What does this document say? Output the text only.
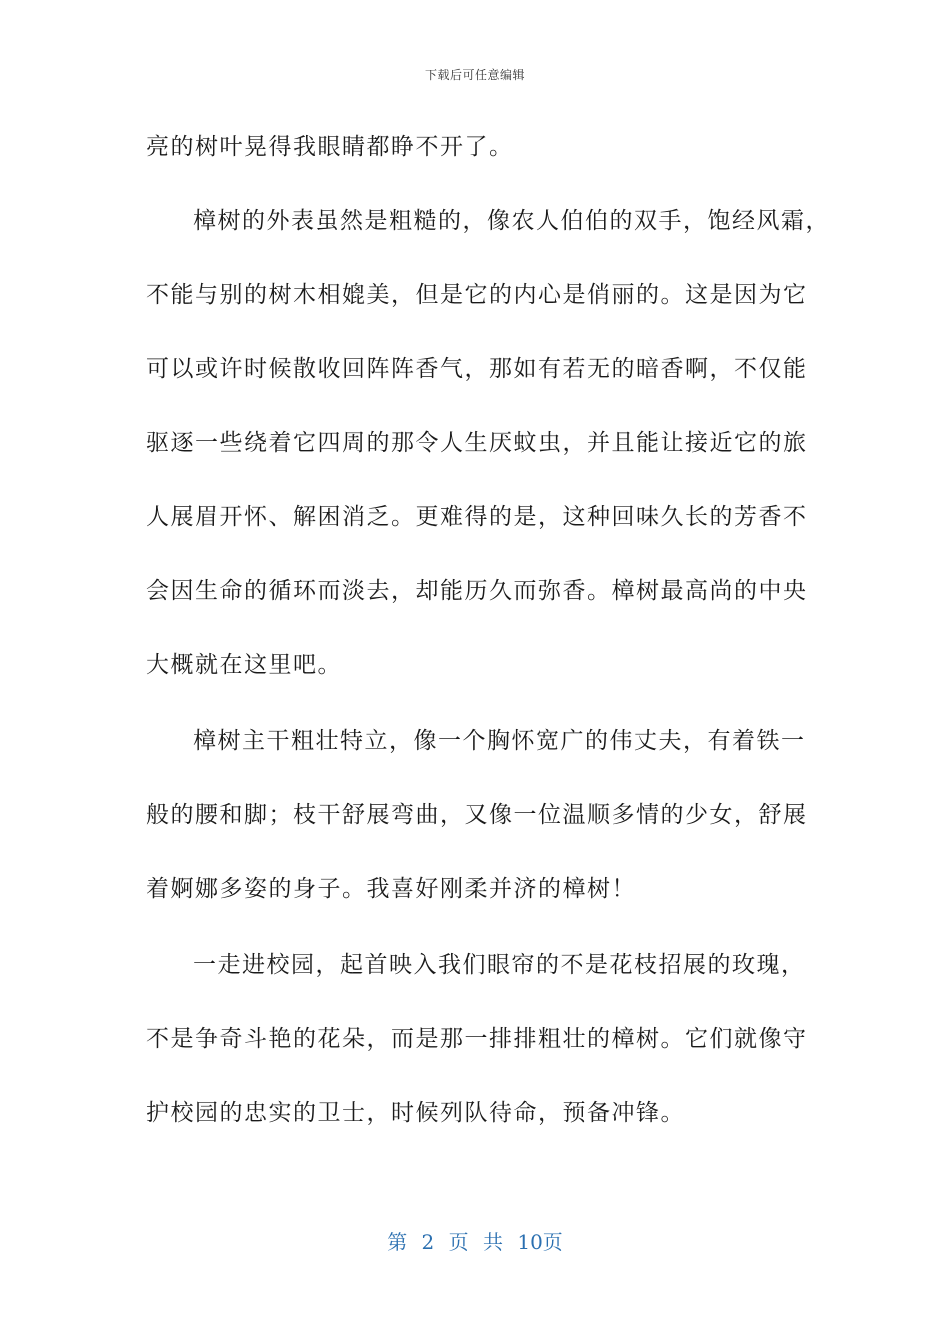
下载后可任意编辑
亮的树叶晃得我眼睛都睁不开了。
樟树的外表虽然是粗糙的，像农人伯伯的双手，饱经风霜，
不能与别的树木相媲美，但是它的内心是俏丽的。这是因为它
可以或许时候散收回阵阵香气，那如有若无的暗香啊，不仅能
驱逐一些绕着它四周的那令人生厌蚊虫，并且能让接近它的旅
人展眉开怀、解困消乏。更难得的是，这种回味久长的芳香不
会因生命的循环而淡去，却能历久而弥香。樟树最高尚的中央
大概就在这里吧。
樟树主干粗壮特立，像一个胸怀宽广的伟丈夫，有着铁一
般的腰和脚；枝干舒展弯曲，又像一位温顺多情的少女，舒展
着婀娜多姿的身子。我喜好刚柔并济的樟树！
一走进校园，起首映入我们眼帘的不是花枝招展的玫瑰，
不是争奇斗艳的花朵，而是那一排排粗壮的樟树。它们就像守
护校园的忠实的卫士，时候列队待命，预备冲锋。
第 2 页 共 10页
